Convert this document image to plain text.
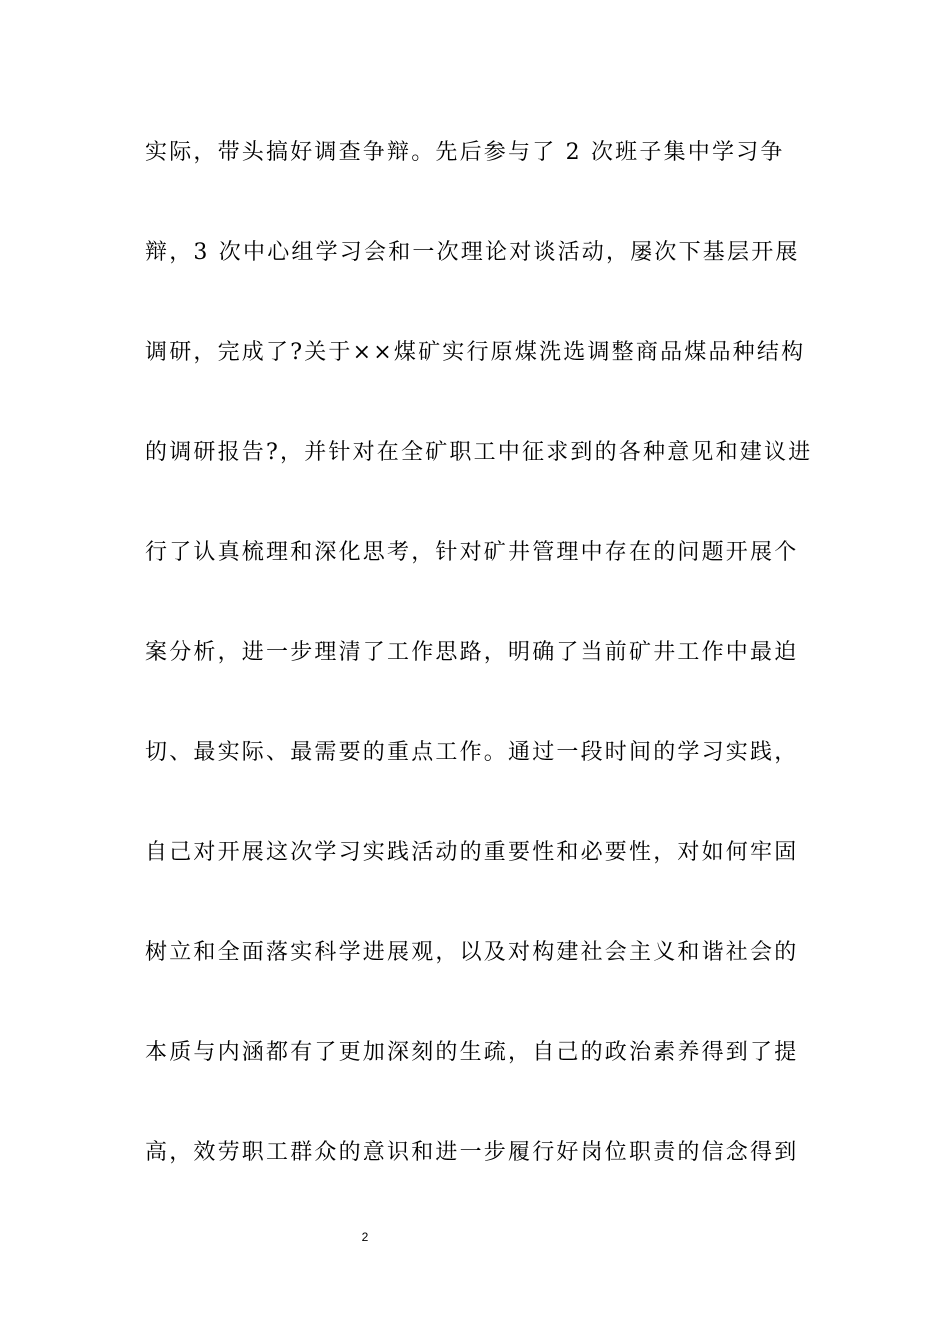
实际，带头搞好调查争辩。先后参与了 2 次班子集中学习争
辩，3 次中心组学习会和一次理论对谈活动，屡次下基层开展
调研，完成了?关于××煤矿实行原煤洗选调整商品煤品种结构
的调研报告?，并针对在全矿职工中征求到的各种意见和建议进
行了认真梳理和深化思考，针对矿井管理中存在的问题开展个
案分析，进一步理清了工作思路，明确了当前矿井工作中最迫
切、最实际、最需要的重点工作。通过一段时间的学习实践，
自己对开展这次学习实践活动的重要性和必要性，对如何牢固
树立和全面落实科学进展观，以及对构建社会主义和谐社会的
本质与内涵都有了更加深刻的生疏，自己的政治素养得到了提
高，效劳职工群众的意识和进一步履行好岗位职责的信念得到
2
